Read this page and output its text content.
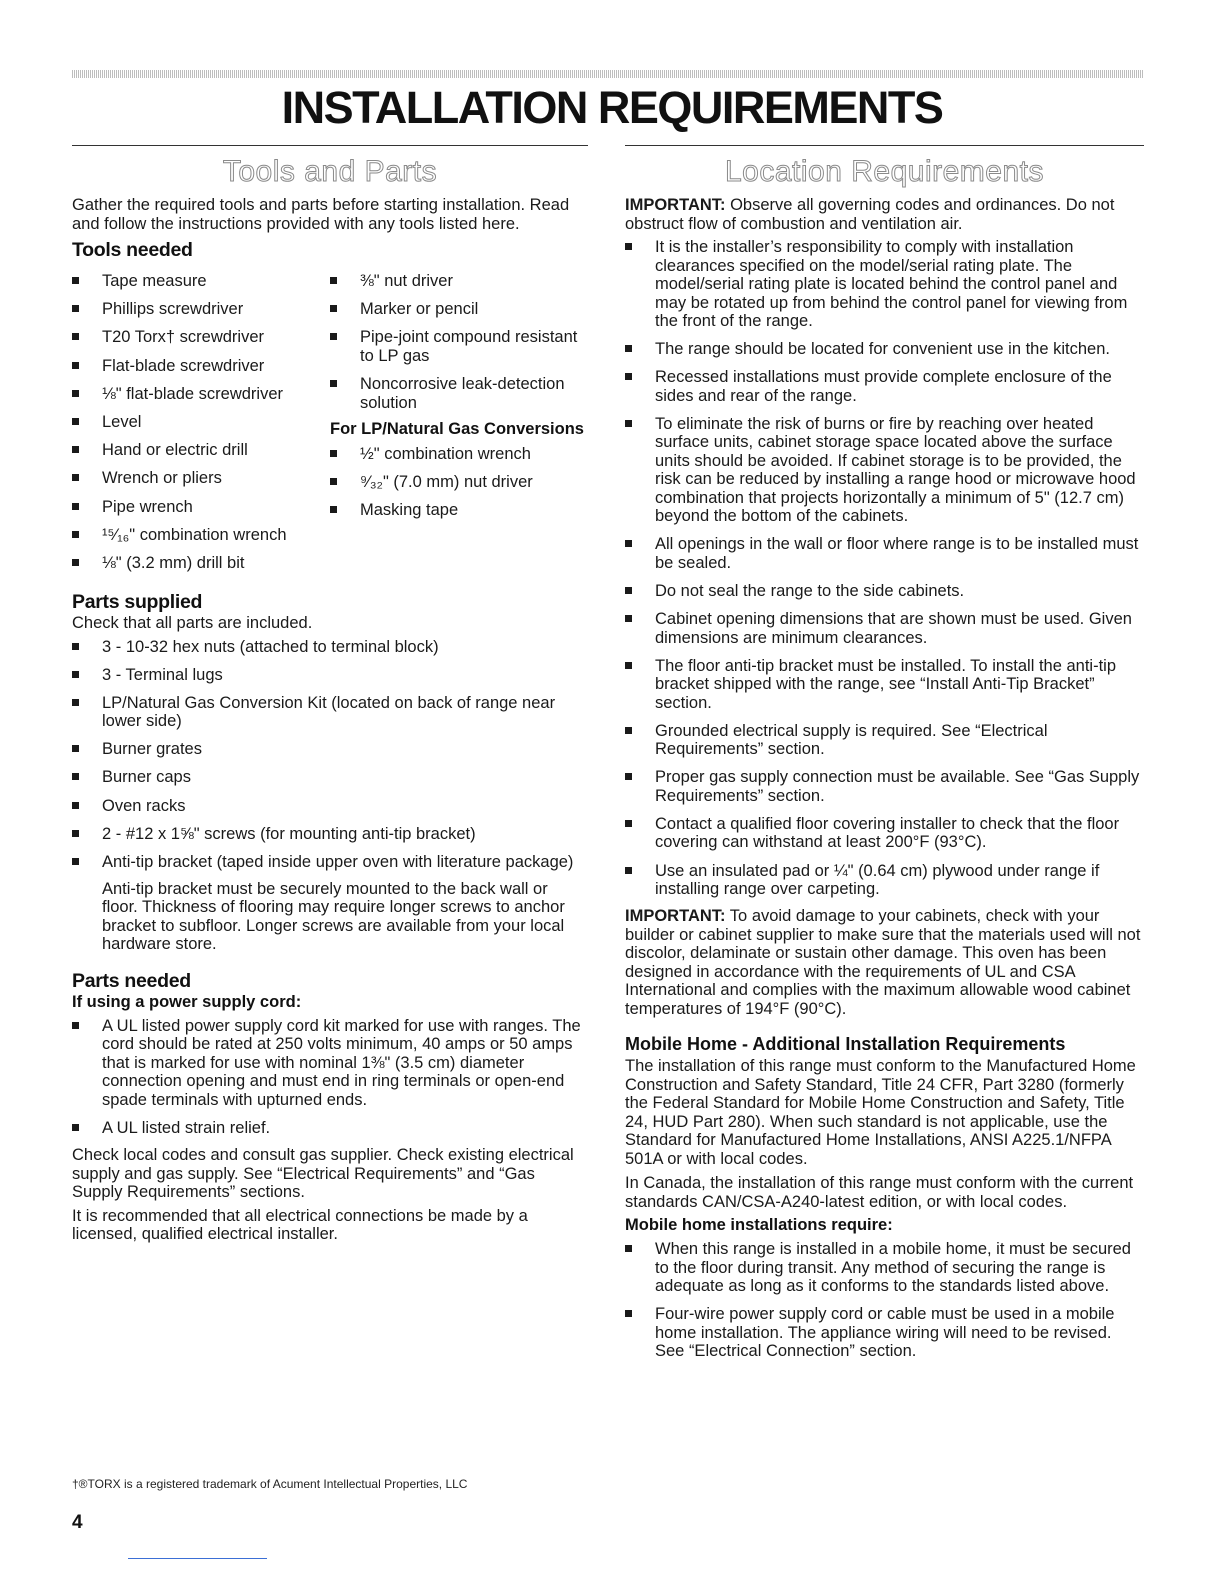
INSTALLATION REQUIREMENTS
Tools and Parts

Gather the required tools and parts before starting installation. Read and follow the instructions provided with any tools listed here.

Tools needed
Tape measure
Phillips screwdriver
T20 Torx† screwdriver
Flat-blade screwdriver
⅛" flat-blade screwdriver
Level
Hand or electric drill
Wrench or pliers
Pipe wrench
¹⁵⁄₁₆" combination wrench
⅛" (3.2 mm) drill bit
⅜" nut driver
Marker or pencil
Pipe-joint compound resistant to LP gas
Noncorrosive leak-detection solution
For LP/Natural Gas Conversions
½" combination wrench
⁹⁄₃₂" (7.0 mm) nut driver
Masking tape
Parts supplied

Check that all parts are included.

3 - 10-32 hex nuts (attached to terminal block)
3 - Terminal lugs
LP/Natural Gas Conversion Kit (located on back of range near lower side)
Burner grates
Burner caps
Oven racks
2 - #12 x 1⅝" screws (for mounting anti-tip bracket)
Anti-tip bracket (taped inside upper oven with literature package)

Anti-tip bracket must be securely mounted to the back wall or floor. Thickness of flooring may require longer screws to anchor bracket to subfloor. Longer screws are available from your local hardware store.

Parts needed
If using a power supply cord:
A UL listed power supply cord kit marked for use with ranges. The cord should be rated at 250 volts minimum, 40 amps or 50 amps that is marked for use with nominal 1⅜" (3.5 cm) diameter connection opening and must end in ring terminals or open-end spade terminals with upturned ends.
A UL listed strain relief.

Check local codes and consult gas supplier. Check existing electrical supply and gas supply. See “Electrical Requirements” and “Gas Supply Requirements” sections.

It is recommended that all electrical connections be made by a licensed, qualified electrical installer.

Location Requirements

IMPORTANT: Observe all governing codes and ordinances. Do not obstruct flow of combustion and ventilation air.

It is the installer’s responsibility to comply with installation clearances specified on the model/serial rating plate. The model/serial rating plate is located behind the control panel and may be rotated up from behind the control panel for viewing from the front of the range.
The range should be located for convenient use in the kitchen.
Recessed installations must provide complete enclosure of the sides and rear of the range.
To eliminate the risk of burns or fire by reaching over heated surface units, cabinet storage space located above the surface units should be avoided. If cabinet storage is to be provided, the risk can be reduced by installing a range hood or microwave hood combination that projects horizontally a minimum of 5" (12.7 cm) beyond the bottom of the cabinets.
All openings in the wall or floor where range is to be installed must be sealed.
Do not seal the range to the side cabinets.
Cabinet opening dimensions that are shown must be used. Given dimensions are minimum clearances.
The floor anti-tip bracket must be installed. To install the anti-tip bracket shipped with the range, see “Install Anti-Tip Bracket” section.
Grounded electrical supply is required. See “Electrical Requirements” section.
Proper gas supply connection must be available. See “Gas Supply Requirements” section.
Contact a qualified floor covering installer to check that the floor covering can withstand at least 200°F (93°C).
Use an insulated pad or ¼" (0.64 cm) plywood under range if installing range over carpeting.

IMPORTANT: To avoid damage to your cabinets, check with your builder or cabinet supplier to make sure that the materials used will not discolor, delaminate or sustain other damage. This oven has been designed in accordance with the requirements of UL and CSA International and complies with the maximum allowable wood cabinet temperatures of 194°F (90°C).

Mobile Home - Additional Installation Requirements

The installation of this range must conform to the Manufactured Home Construction and Safety Standard, Title 24 CFR, Part 3280 (formerly the Federal Standard for Mobile Home Construction and Safety, Title 24, HUD Part 280). When such standard is not applicable, use the Standard for Manufactured Home Installations, ANSI A225.1/NFPA 501A or with local codes.

In Canada, the installation of this range must conform with the current standards CAN/CSA-A240-latest edition, or with local codes.

Mobile home installations require:
When this range is installed in a mobile home, it must be secured to the floor during transit. Any method of securing the range is adequate as long as it conforms to the standards listed above.
Four-wire power supply cord or cable must be used in a mobile home installation. The appliance wiring will need to be revised. See “Electrical Connection” section.
†®TORX is a registered trademark of Acument Intellectual Properties, LLC
4
